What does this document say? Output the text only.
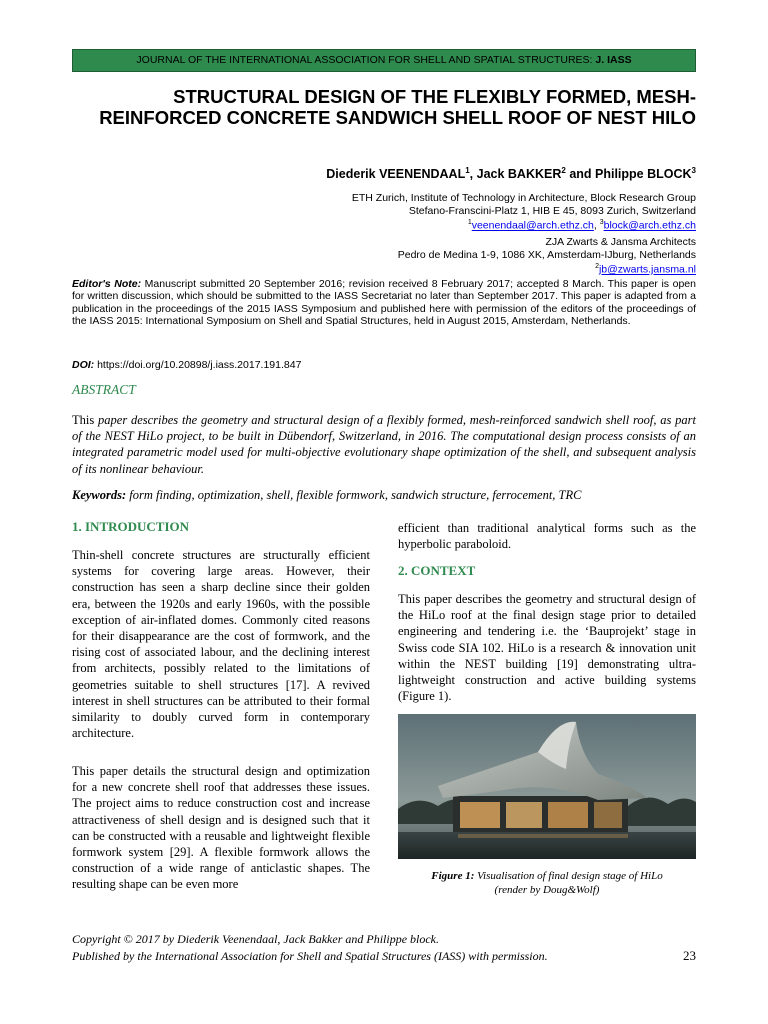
JOURNAL OF THE INTERNATIONAL ASSOCIATION FOR SHELL AND SPATIAL STRUCTURES: J. IASS
STRUCTURAL DESIGN OF THE FLEXIBLY FORMED, MESH-REINFORCED CONCRETE SANDWICH SHELL ROOF OF NEST HILO
Diederik VEENENDAAL$^1$, Jack BAKKER$^2$ and Philippe BLOCK$^3$
ETH Zurich, Institute of Technology in Architecture, Block Research Group
Stefano-Franscini-Platz 1, HIB E 45, 8093 Zurich, Switzerland
$^1$veenendaal@arch.ethz.ch, $^3$block@arch.ethz.ch
ZJA Zwarts & Jansma Architects
Pedro de Medina 1-9, 1086 XK, Amsterdam-IJburg, Netherlands
$^2$jb@zwarts.jansma.nl

Editor's Note: Manuscript submitted 20 September 2016; revision received 8 February 2017; accepted 8 March. This paper is open for written discussion, which should be submitted to the IASS Secretariat no later than September 2017. This paper is adapted from a publication in the proceedings of the 2015 IASS Symposium and published here with permission of the editors of the proceedings of the IASS 2015: International Symposium on Shell and Spatial Structures, held in August 2015, Amsterdam, Netherlands.

DOI: https://doi.org/10.20898/j.iass.2017.191.847
ABSTRACT

This paper describes the geometry and structural design of a flexibly formed, mesh-reinforced sandwich shell roof, as part of the NEST HiLo project, to be built in Dübendorf, Switzerland, in 2016. The computational design process consists of an integrated parametric model used for multi-objective evolutionary shape optimization of the shell, and subsequent analysis of its nonlinear behaviour.

Keywords: form finding, optimization, shell, flexible formwork, sandwich structure, ferrocement, TRC
1. INTRODUCTION

Thin-shell concrete structures are structurally efficient systems for covering large areas. However, their construction has seen a sharp decline since their golden era, between the 1920s and early 1960s, with the possible exception of air-inflated domes. Commonly cited reasons for their disappearance are the cost of formwork, and the rising cost of associated labour, and the declining interest from architects, possibly related to the limitations of geometries suitable to shell structures [17]. A revived interest in shell structures can be attributed to their formal similarity to doubly curved form in contemporary architecture.

This paper details the structural design and optimization for a new concrete shell roof that addresses these issues. The project aims to reduce construction cost and increase attractiveness of shell design and is designed such that it can be constructed with a reusable and lightweight flexible formwork system [29]. A flexible formwork allows the construction of a wide range of anticlastic shapes. The resulting shape can be even more

efficient than traditional analytical forms such as the hyperbolic paraboloid.

2. CONTEXT

This paper describes the geometry and structural design of the HiLo roof at the final design stage prior to detailed engineering and tendering i.e. the ‘Bauprojekt’ stage in Swiss code SIA 102. HiLo is a research & innovation unit within the NEST building [19] demonstrating ultra-lightweight construction and active building systems (Figure 1).

Figure 1: Visualisation of final design stage of HiLo
(render by Doug&Wolf)
Copyright © 2017 by Diederik Veenendaal, Jack Bakker and Philippe block.
Published by the International Association for Shell and Spatial Structures (IASS) with permission.	23
